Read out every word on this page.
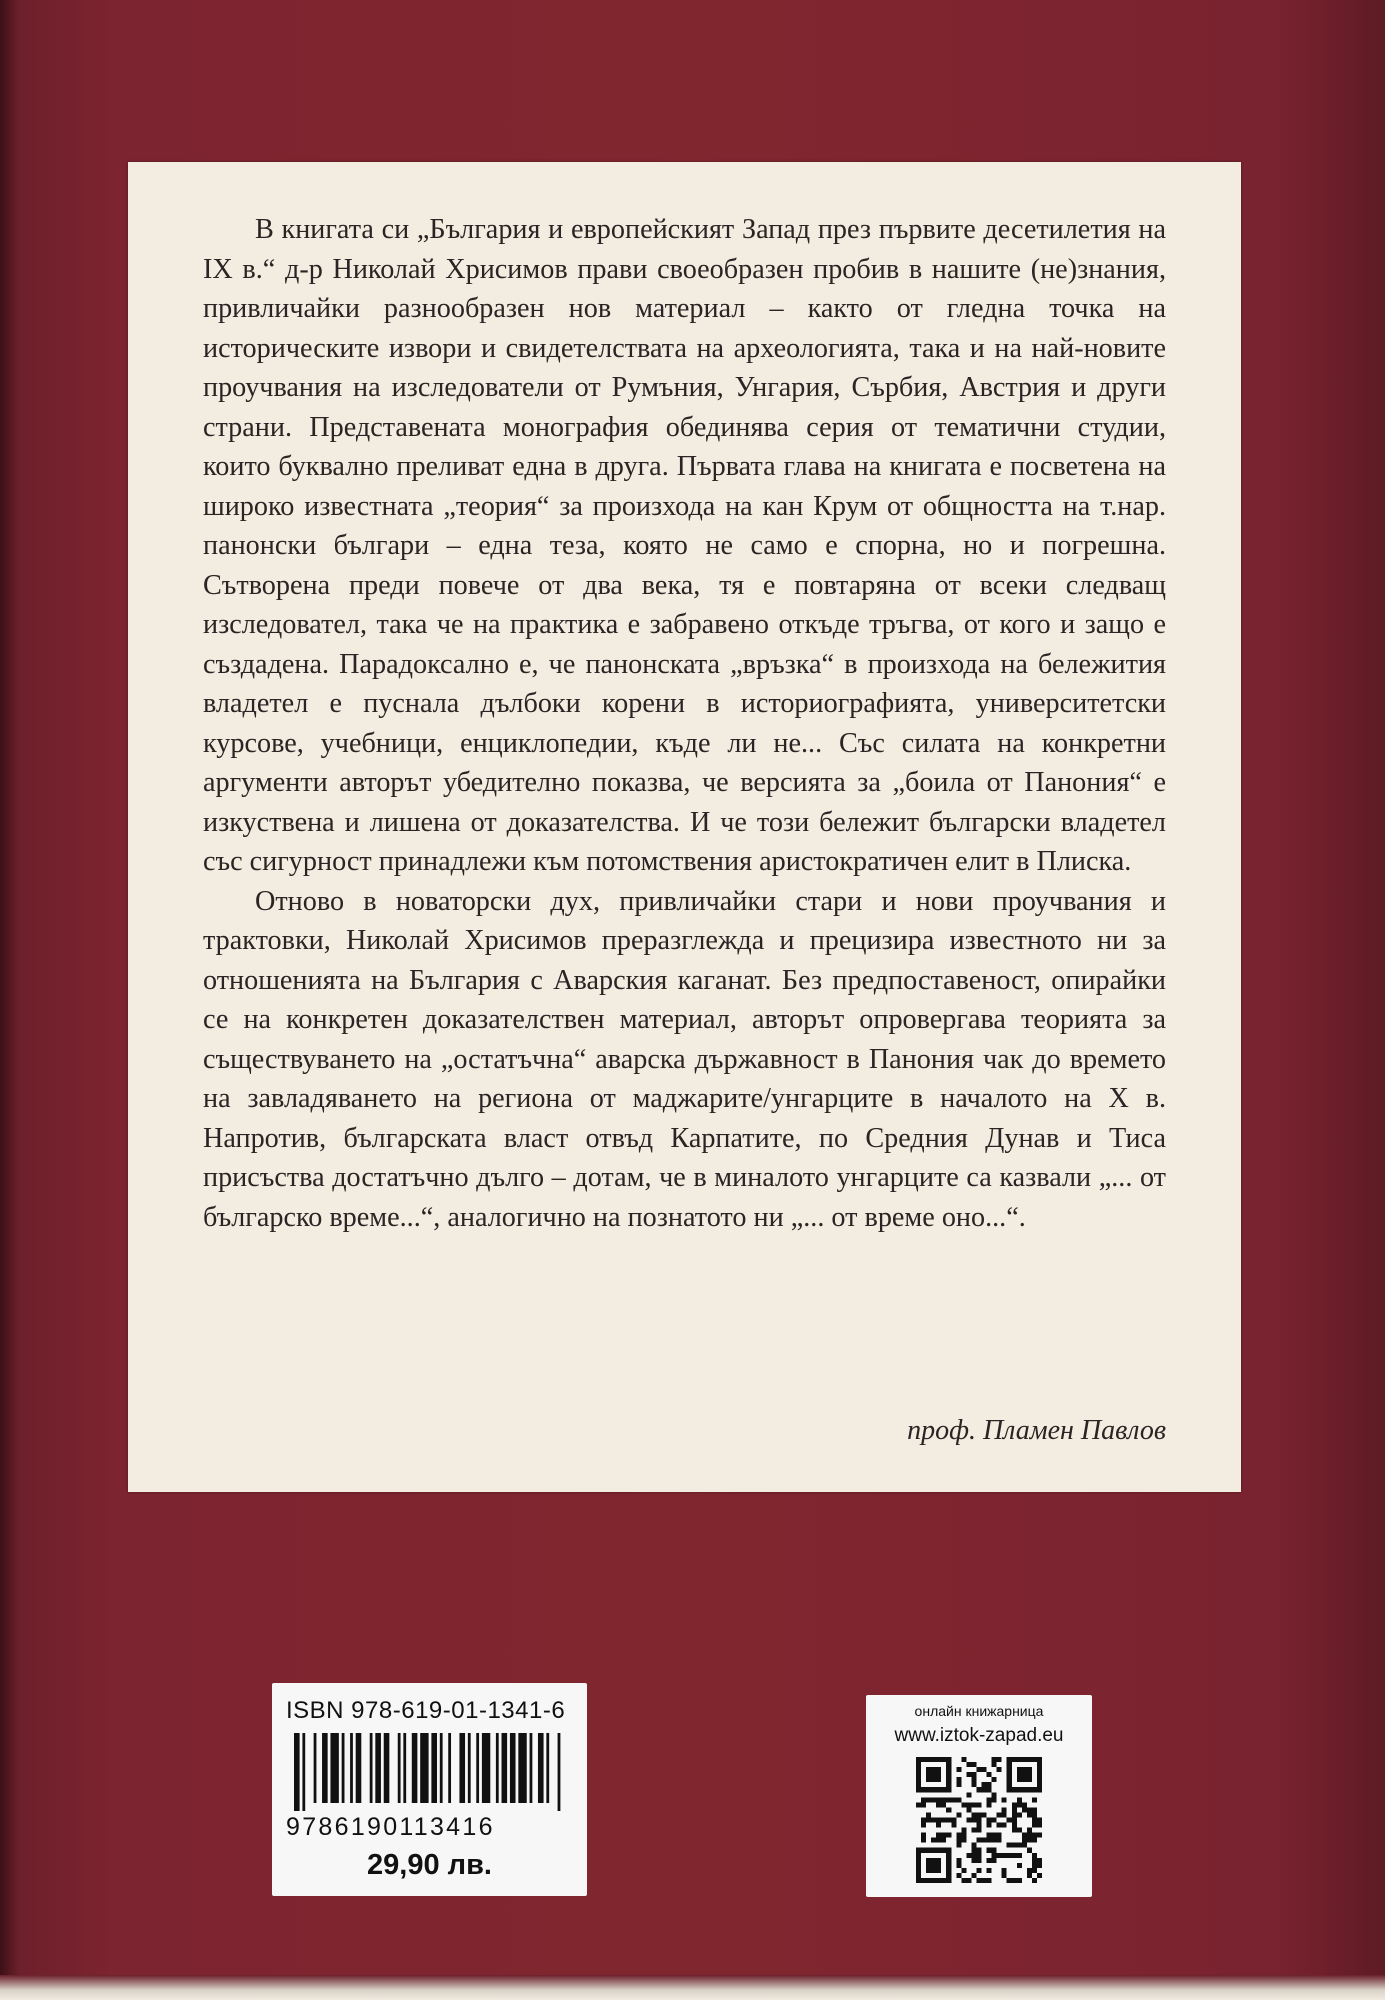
В книгата си „България и европейският Запад през първите десетилетия на IX в.“ д-р Николай Хрисимов прави своеобразен пробив в нашите (не)знания, привличайки разнообразен нов материал – както от гледна точка на историческите извори и свидетелствата на археологията, така и на най-новите проучвания на изследователи от Румъния, Унгария, Сърбия, Австрия и други страни. Представената монография обединява серия от тематични студии, които буквално преливат една в друга. Първата глава на книгата е посветена на широко известната „теория“ за произхода на кан Крум от общността на т.нар. панонски българи – една теза, която не само е спорна, но и погрешна. Сътворена преди повече от два века, тя е повтаряна от всеки следващ изследовател, така че на практика е забравено откъде тръгва, от кого и защо е създадена. Парадоксално е, че панонската „връзка“ в произхода на бележития владетел е пуснала дълбоки корени в историографията, университетски курсове, учебници, енциклопедии, къде ли не... Със силата на конкретни аргументи авторът убедително показва, че версията за „боила от Панония“ е изкуствена и лишена от доказателства. И че този бележит български владетел със сигурност принадлежи към потомствения аристократичен елит в Плиска.

Отново в новаторски дух, привличайки стари и нови проучвания и трактовки, Николай Хрисимов преразглежда и прецизира известното ни за отношенията на България с Аварския каганат. Без предпоставеност, опирайки се на конкретен доказателствен материал, авторът опровергава теорията за съществуването на „остатъчна“ аварска държавност в Панония чак до времето на завладяването на региона от маджарите/унгарците в началото на X в. Напротив, българската власт отвъд Карпатите, по Средния Дунав и Тиса присъства достатъчно дълго – дотам, че в миналото унгарците са казвали „... от българско време...“, аналогично на познатото ни „... от време оно...“.

проф. Пламен Павлов
ISBN 978-619-01-1341-6
9786190113416
29,90 лв.
онлайн книжарница
www.iztok-zapad.eu
